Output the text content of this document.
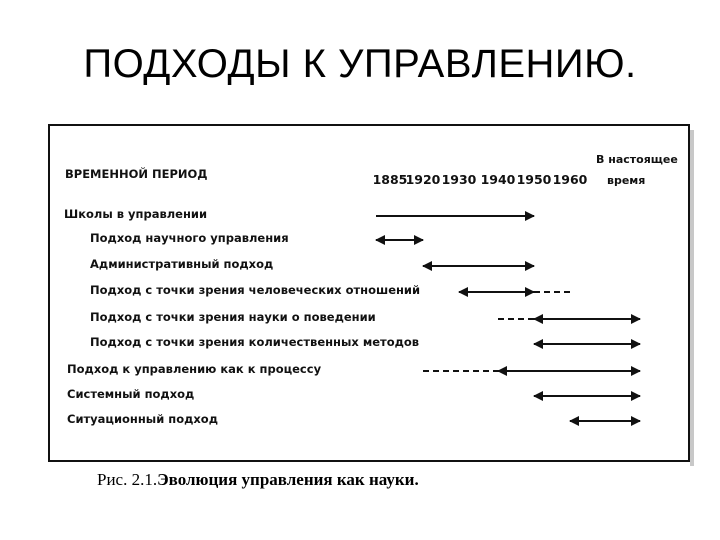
ПОДХОДЫ К УПРАВЛЕНИЮ.
ВРЕМЕННОЙ ПЕРИОД	1885
1920 1930 1940 1950 1960
В настоящее
время
Школы в управлении
Подход научного управления
Административный подход
Подход с точки зрения человеческих отношений
Подход с точки зрения науки о поведении
Подход с точки зрения количественных методов
Подход к управлению как к процессу
Системный подход
Ситуационный подход
Рис. 2.1.Эволюция управления как науки.
